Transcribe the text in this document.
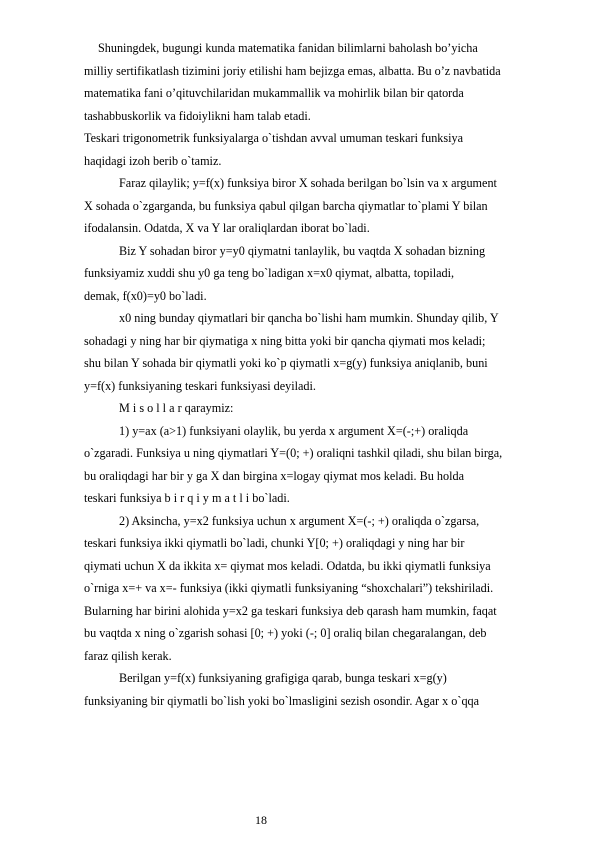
Shuningdek, bugungi kunda matematika fanidan bilimlarni baholash bo’yicha
milliy sertifikatlash tizimini joriy etilishi ham bejizga emas, albatta. Bu o’z navbatida
matematika fani o’qituvchilaridan mukammallik va mohirlik bilan bir qatorda
tashabbuskorlik va fidoiylikni ham talab etadi.
Teskari trigonometrik funksiyalarga o`tishdan avval umuman teskari funksiya
haqidagi izoh berib o`tamiz.
Faraz qilaylik; y=f(x) funksiya biror X sohada berilgan bo`lsin va x argument
X sohada o`zgarganda, bu funksiya qabul qilgan barcha qiymatlar to`plami Y bilan
ifodalansin. Odatda, X va Y lar oraliqlardan iborat bo`ladi.
Biz Y sohadan biror y=y0 qiymatni tanlaylik, bu vaqtda X sohadan bizning
funksiyamiz xuddi shu y0 ga teng bo`ladigan x=x0 qiymat, albatta, topiladi,
demak, f(x0)=y0 bo`ladi.
x0 ning bunday qiymatlari bir qancha bo`lishi ham mumkin. Shunday qilib, Y
sohadagi y ning har bir qiymatiga x ning bitta yoki bir qancha qiymati mos keladi;
shu bilan Y sohada bir qiymatli yoki ko`p qiymatli x=g(y) funksiya aniqlanib, buni
y=f(x) funksiyaning teskari funksiyasi deyiladi.
M i s o l l a r qaraymiz:
1) y=ax (a>1) funksiyani olaylik, bu yerda x argument X=(-;+) oraliqda
o`zgaradi. Funksiya u ning qiymatlari Y=(0; +) oraliqni tashkil qiladi, shu bilan birga,
bu oraliqdagi har bir y ga X dan birgina x=logay qiymat mos keladi. Bu holda
teskari funksiya b i r q i y m a t l i bo`ladi.
2) Aksincha, y=x2 funksiya uchun x argument X=(-; +) oraliqda o`zgarsa,
teskari funksiya ikki qiymatli bo`ladi, chunki Y[0; +) oraliqdagi y ning har bir
qiymati uchun X da ikkita x= qiymat mos keladi. Odatda, bu ikki qiymatli funksiya
o`rniga x=+ va x=- funksiya (ikki qiymatli funksiyaning “shoxchalari”) tekshiriladi.
Bularning har birini alohida y=x2 ga teskari funksiya deb qarash ham mumkin, faqat
bu vaqtda x ning o`zgarish sohasi [0; +) yoki (-; 0] oraliq bilan chegaralangan, deb
faraz qilish kerak.
Berilgan y=f(x) funksiyaning grafigiga qarab, bunga teskari x=g(y)
funksiyaning bir qiymatli bo`lish yoki bo`lmasligini sezish osondir. Agar x o`qqa
18
